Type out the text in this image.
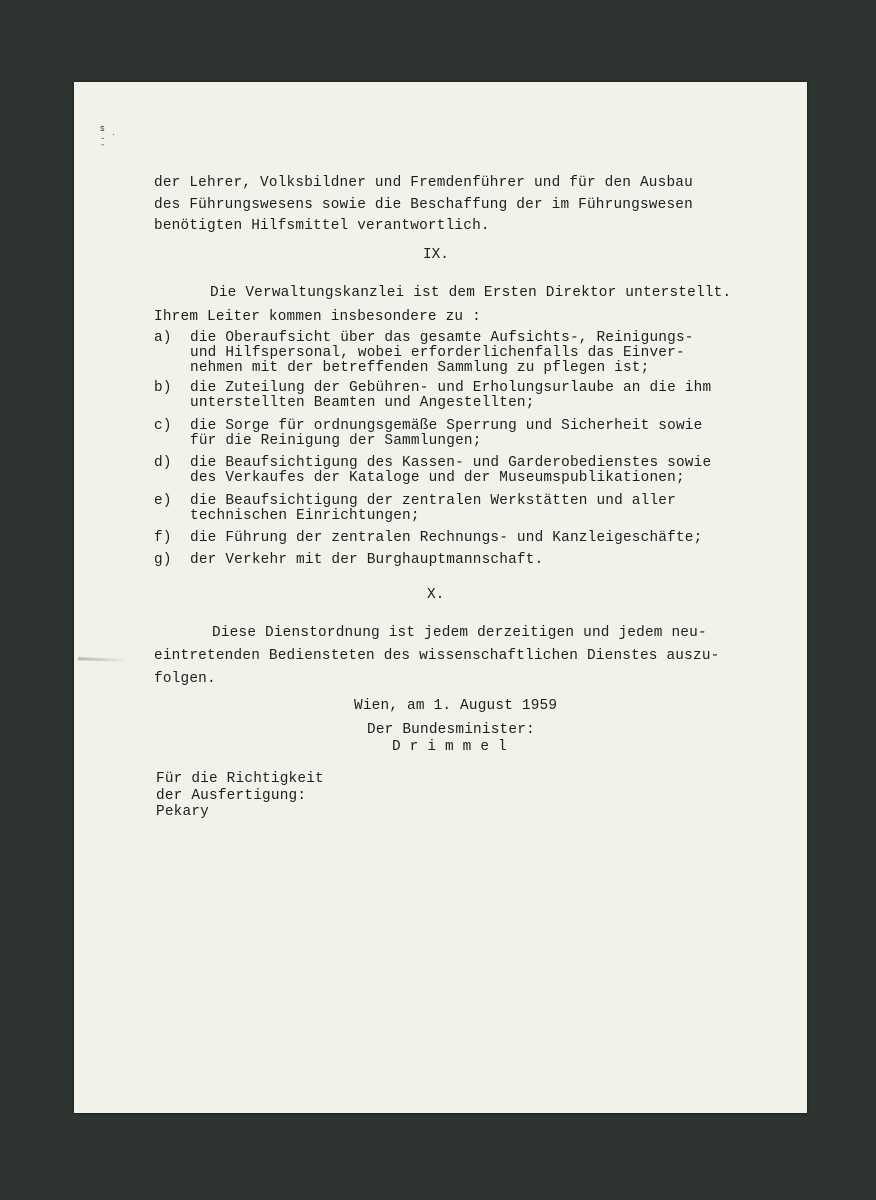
ꜱ
- ˙
ˇ
der Lehrer, Volksbildner und Fremdenführer und für den Ausbau
des Führungswesens sowie die Beschaffung der im Führungswesen
benötigten Hilfsmittel verantwortlich.
IX.
Die Verwaltungskanzlei ist dem Ersten Direktor unterstellt.
Ihrem Leiter kommen insbesondere zu :
a) die Oberaufsicht über das gesamte Aufsichts-, Reinigungs-
und Hilfspersonal, wobei erforderlichenfalls das Einver-
nehmen mit der betreffenden Sammlung zu pflegen ist;
b) die Zuteilung der Gebühren- und Erholungsurlaube an die ihm
unterstellten Beamten und Angestellten;
c) die Sorge für ordnungsgemäße Sperrung und Sicherheit sowie
für die Reinigung der Sammlungen;
d) die Beaufsichtigung des Kassen- und Garderobedienstes sowie
des Verkaufes der Kataloge und der Museumspublikationen;
e) die Beaufsichtigung der zentralen Werkstätten und aller
technischen Einrichtungen;
f) die Führung der zentralen Rechnungs- und Kanzleigeschäfte;
g) der Verkehr mit der Burghauptmannschaft.
X.
Diese Dienstordnung ist jedem derzeitigen und jedem neu-
eintretenden Bediensteten des wissenschaftlichen Dienstes auszu-
folgen.
Wien, am 1. August 1959
Der Bundesminister:
D r i m m e l
Für die Richtigkeit
der Ausfertigung:
Pekary
